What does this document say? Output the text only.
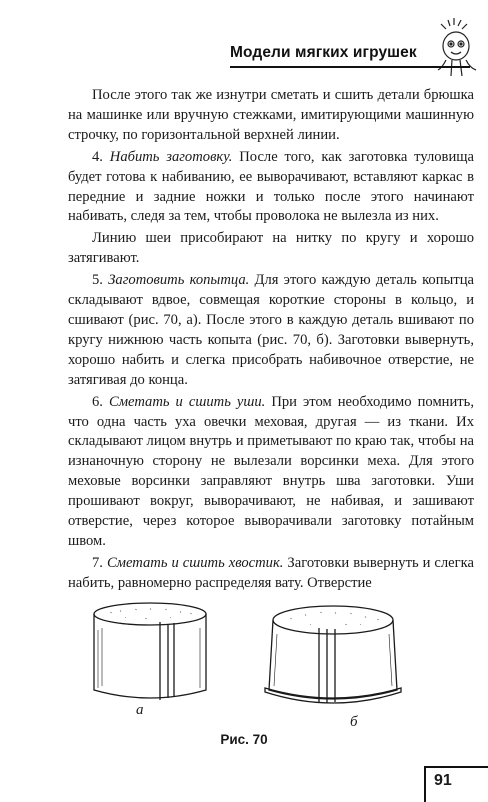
Модели мягких игрушек

После этого так же изнутри сметать и сшить детали брюшка на машинке или вручную стежками, имитирующими машинную строчку, по горизонтальной верхней линии.

4. Набить заготовку. После того, как заготовка туловища будет готова к набиванию, ее выворачивают, вставляют каркас в передние и задние ножки и только после этого начинают набивать, следя за тем, чтобы проволока не вылезла из них.

Линию шеи присобирают на нитку по кругу и хорошо затягивают.

5. Заготовить копытца. Для этого каждую деталь копытца складывают вдвое, совмещая короткие стороны в кольцо, и сшивают (рис. 70, а). После этого в каждую деталь вшивают по кругу нижнюю часть копыта (рис. 70, б). Заготовки вывернуть, хорошо набить и слегка присобрать набивочное отверстие, не затягивая до конца.

6. Сметать и сшить уши. При этом необходимо помнить, что одна часть уха овечки меховая, другая — из ткани. Их складывают лицом внутрь и приметывают по краю так, чтобы на изнаночную сторону не вылезали ворсинки меха. Для этого меховые ворсинки заправляют внутрь шва заготовки. Уши прошивают вокруг, выворачивают, не набивая, и зашивают отверстие, через которое выворачивали заготовку потайным швом.

7. Сметать и сшить хвостик. Заготовки вывернуть и слегка набить, равномерно распределяя вату. Отверстие

а
б
Рис. 70
91
